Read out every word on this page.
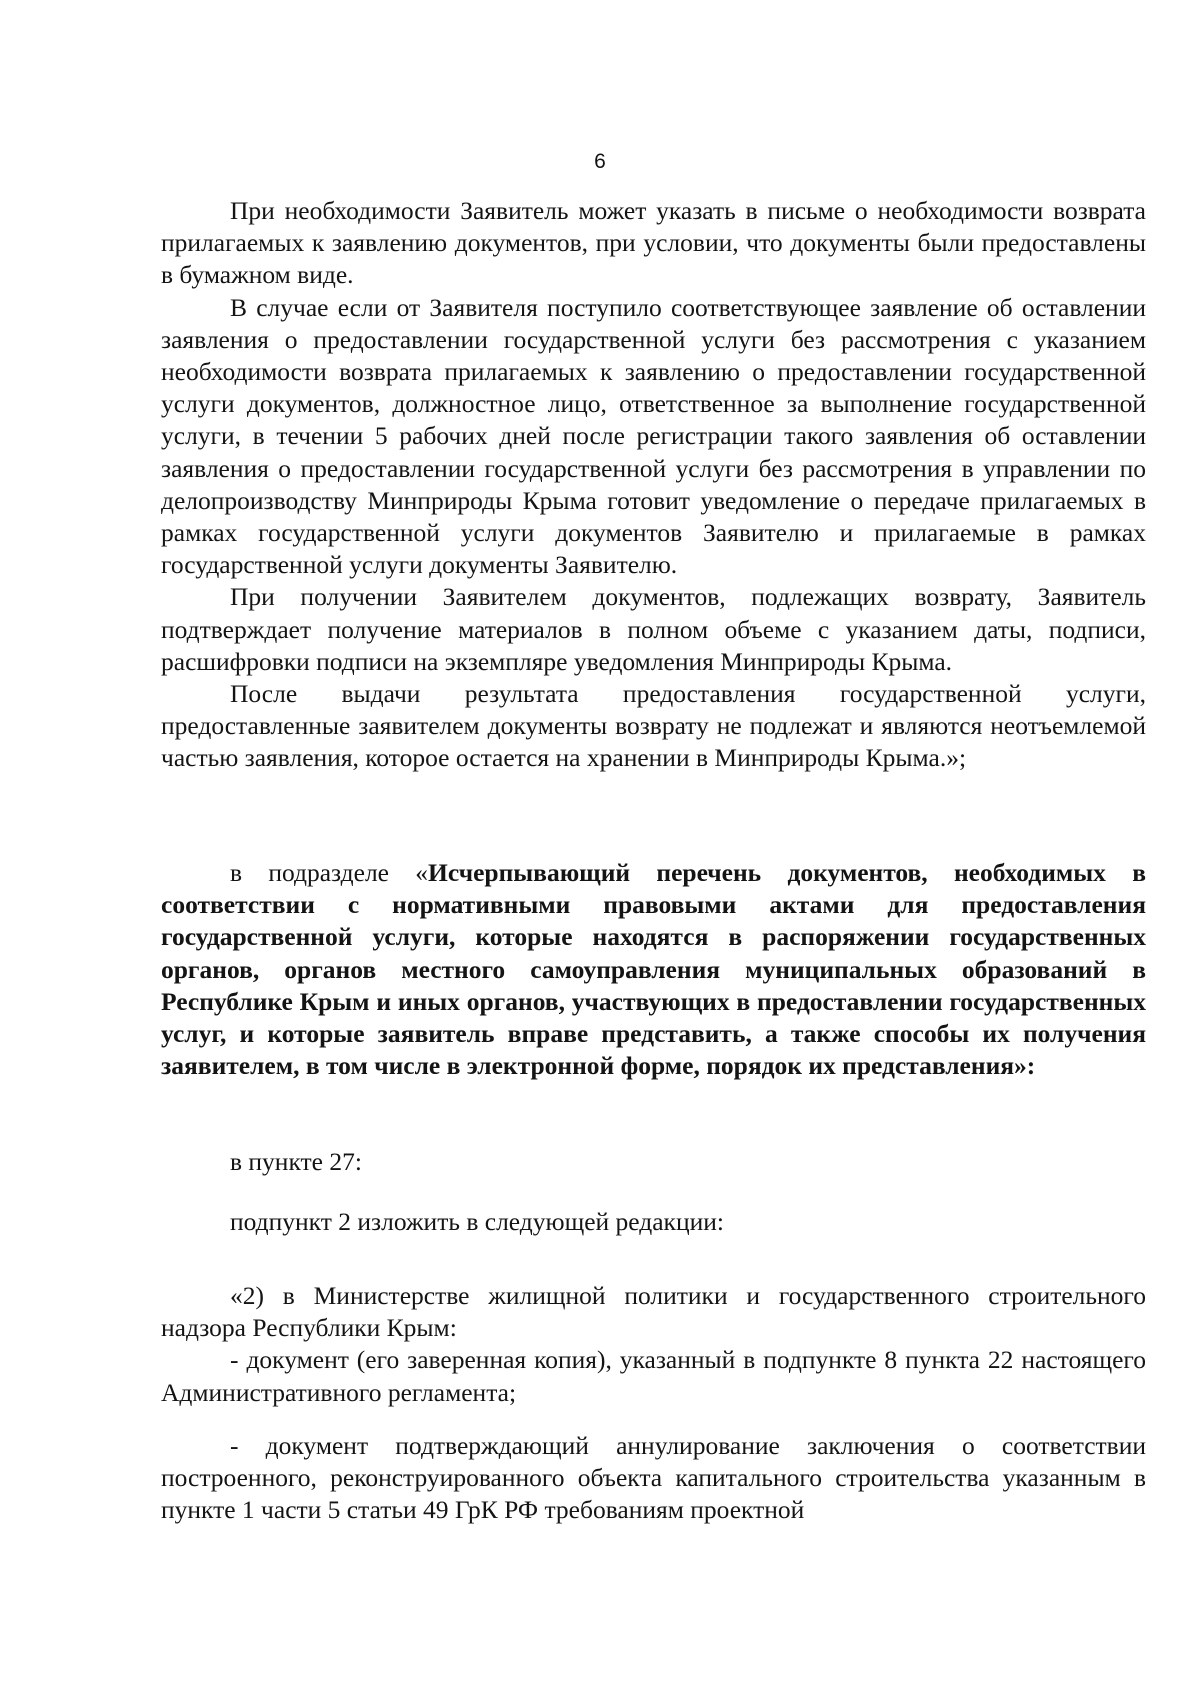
6

При необходимости Заявитель может указать в письме о необходимости возврата прилагаемых к заявлению документов, при условии, что документы были предоставлены в бумажном виде.

В случае если от Заявителя поступило соответствующее заявление об оставлении заявления о предоставлении государственной услуги без рассмотрения с указанием необходимости возврата прилагаемых к заявлению о предоставлении государственной услуги документов, должностное лицо, ответственное за выполнение государственной услуги, в течении 5 рабочих дней после регистрации такого заявления об оставлении заявления о предоставлении государственной услуги без рассмотрения в управлении по делопроизводству Минприроды Крыма готовит уведомление о передаче прилагаемых в рамках государственной услуги документов Заявителю и прилагаемые в рамках государственной услуги документы Заявителю.

При получении Заявителем документов, подлежащих возврату, Заявитель подтверждает получение материалов в полном объеме с указанием даты, подписи, расшифровки подписи на экземпляре уведомления Минприроды Крыма.

После выдачи результата предоставления государственной услуги, предоставленные заявителем документы возврату не подлежат и являются неотъемлемой частью заявления, которое остается на хранении в Минприроды Крыма.»;

в подразделе «Исчерпывающий перечень документов, необходимых в соответствии с нормативными правовыми актами для предоставления государственной услуги, которые находятся в распоряжении государственных органов, органов местного самоуправления муниципальных образований в Республике Крым и иных органов, участвующих в предоставлении государственных услуг, и которые заявитель вправе представить, а также способы их получения заявителем, в том числе в электронной форме, порядок их представления»:

в пункте 27:

подпункт 2 изложить в следующей редакции:

«2) в Министерстве жилищной политики и государственного строительного надзора Республики Крым:

- документ (его заверенная копия), указанный в подпункте 8 пункта 22 настоящего Административного регламента;

- документ подтверждающий аннулирование заключения о соответствии построенного, реконструированного объекта капитального строительства указанным в пункте 1 части 5 статьи 49 ГрК РФ требованиям проектной
